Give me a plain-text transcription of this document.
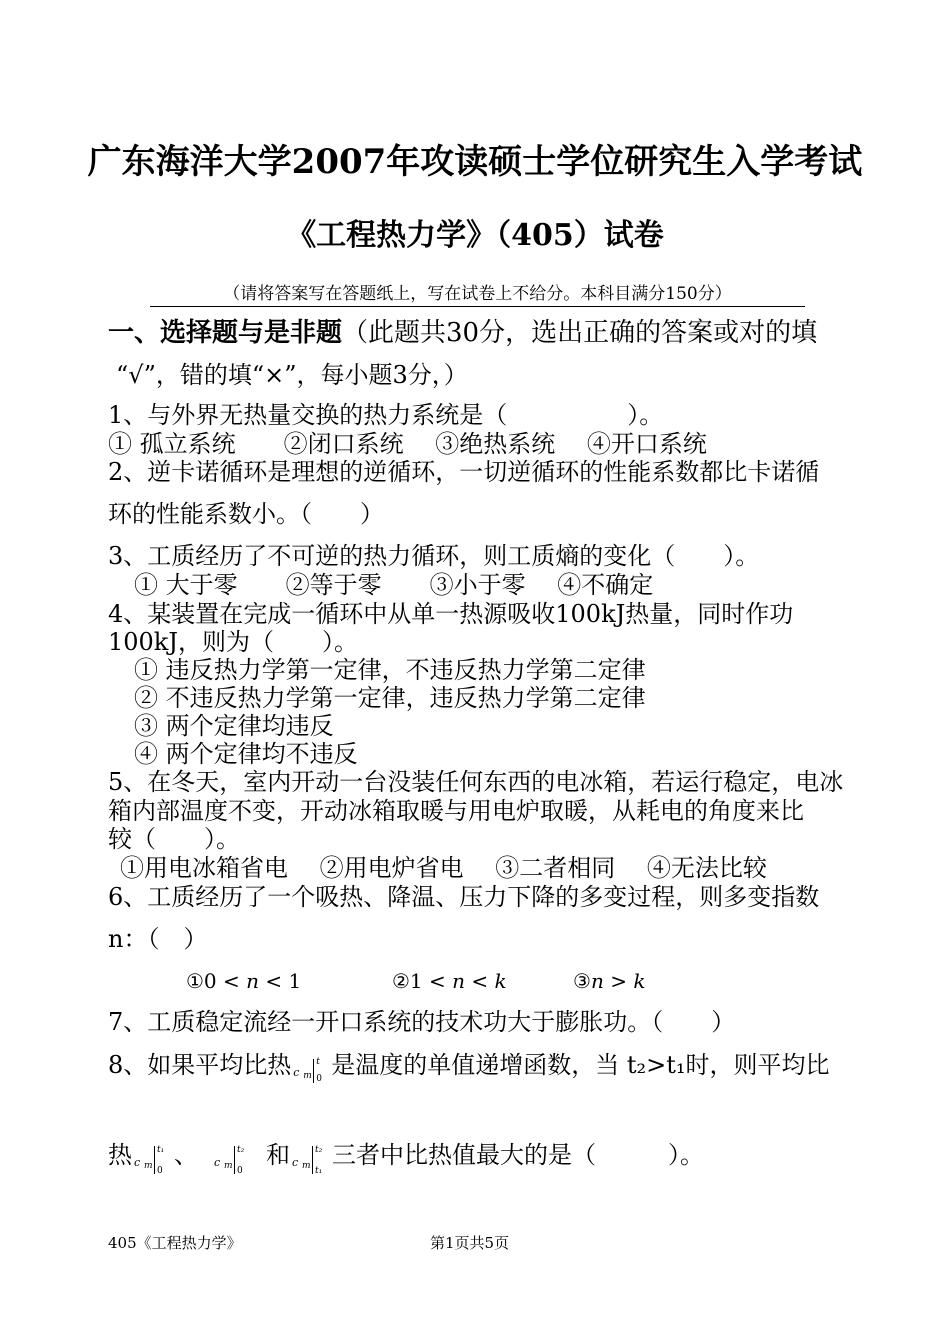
广东海洋大学2007年攻读硕士学位研究生入学考试
《工程热力学》（405）试卷
（请将答案写在答题纸上，写在试卷上不给分。本科目满分150分）
一、选择题与是非题（此题共30分，选出正确的答案或对的填
“√”，错的填“×”，每小题3分，）
1、与外界无热量交换的热力系统是（　　　　　）。
① 孤立系统　　②闭口系统　 ③绝热系统　 ④开口系统
2、逆卡诺循环是理想的逆循环，一切逆循环的性能系数都比卡诺循
环的性能系数小。（　　）
3、工质经历了不可逆的热力循环，则工质熵的变化（　　）。
① 大于零　　②等于零　　③小于零　 ④不确定
4、某装置在完成一循环中从单一热源吸收100kJ热量，同时作功
100kJ，则为（　　）。
① 违反热力学第一定律，不违反热力学第二定律
② 不违反热力学第一定律，违反热力学第二定律
③ 两个定律均违反
④ 两个定律均不违反
5、在冬天，室内开动一台没装任何东西的电冰箱，若运行稳定，电冰
箱内部温度不变，开动冰箱取暖与用电炉取暖，从耗电的角度来比
较（　　）。
①用电冰箱省电　 ②用电炉省电　 ③二者相同　 ④无法比较
6、工质经历了一个吸热、降温、压力下降的多变过程，则多变指数
n：（　）
①0 < n < 1	②1 < n < k	③n > k
7、工质稳定流经一开口系统的技术功大于膨胀功。（　　）
8、如果平均比热 c m
t
0 是温度的单值递增函数，当 t₂>t₁时，则平均比
热 c m
t₁
0
、 c m
t₂
0
和 c m
t₂
t₁
三者中比热值最大的是（　　　）。
405《工程热力学》	第1页共5页
